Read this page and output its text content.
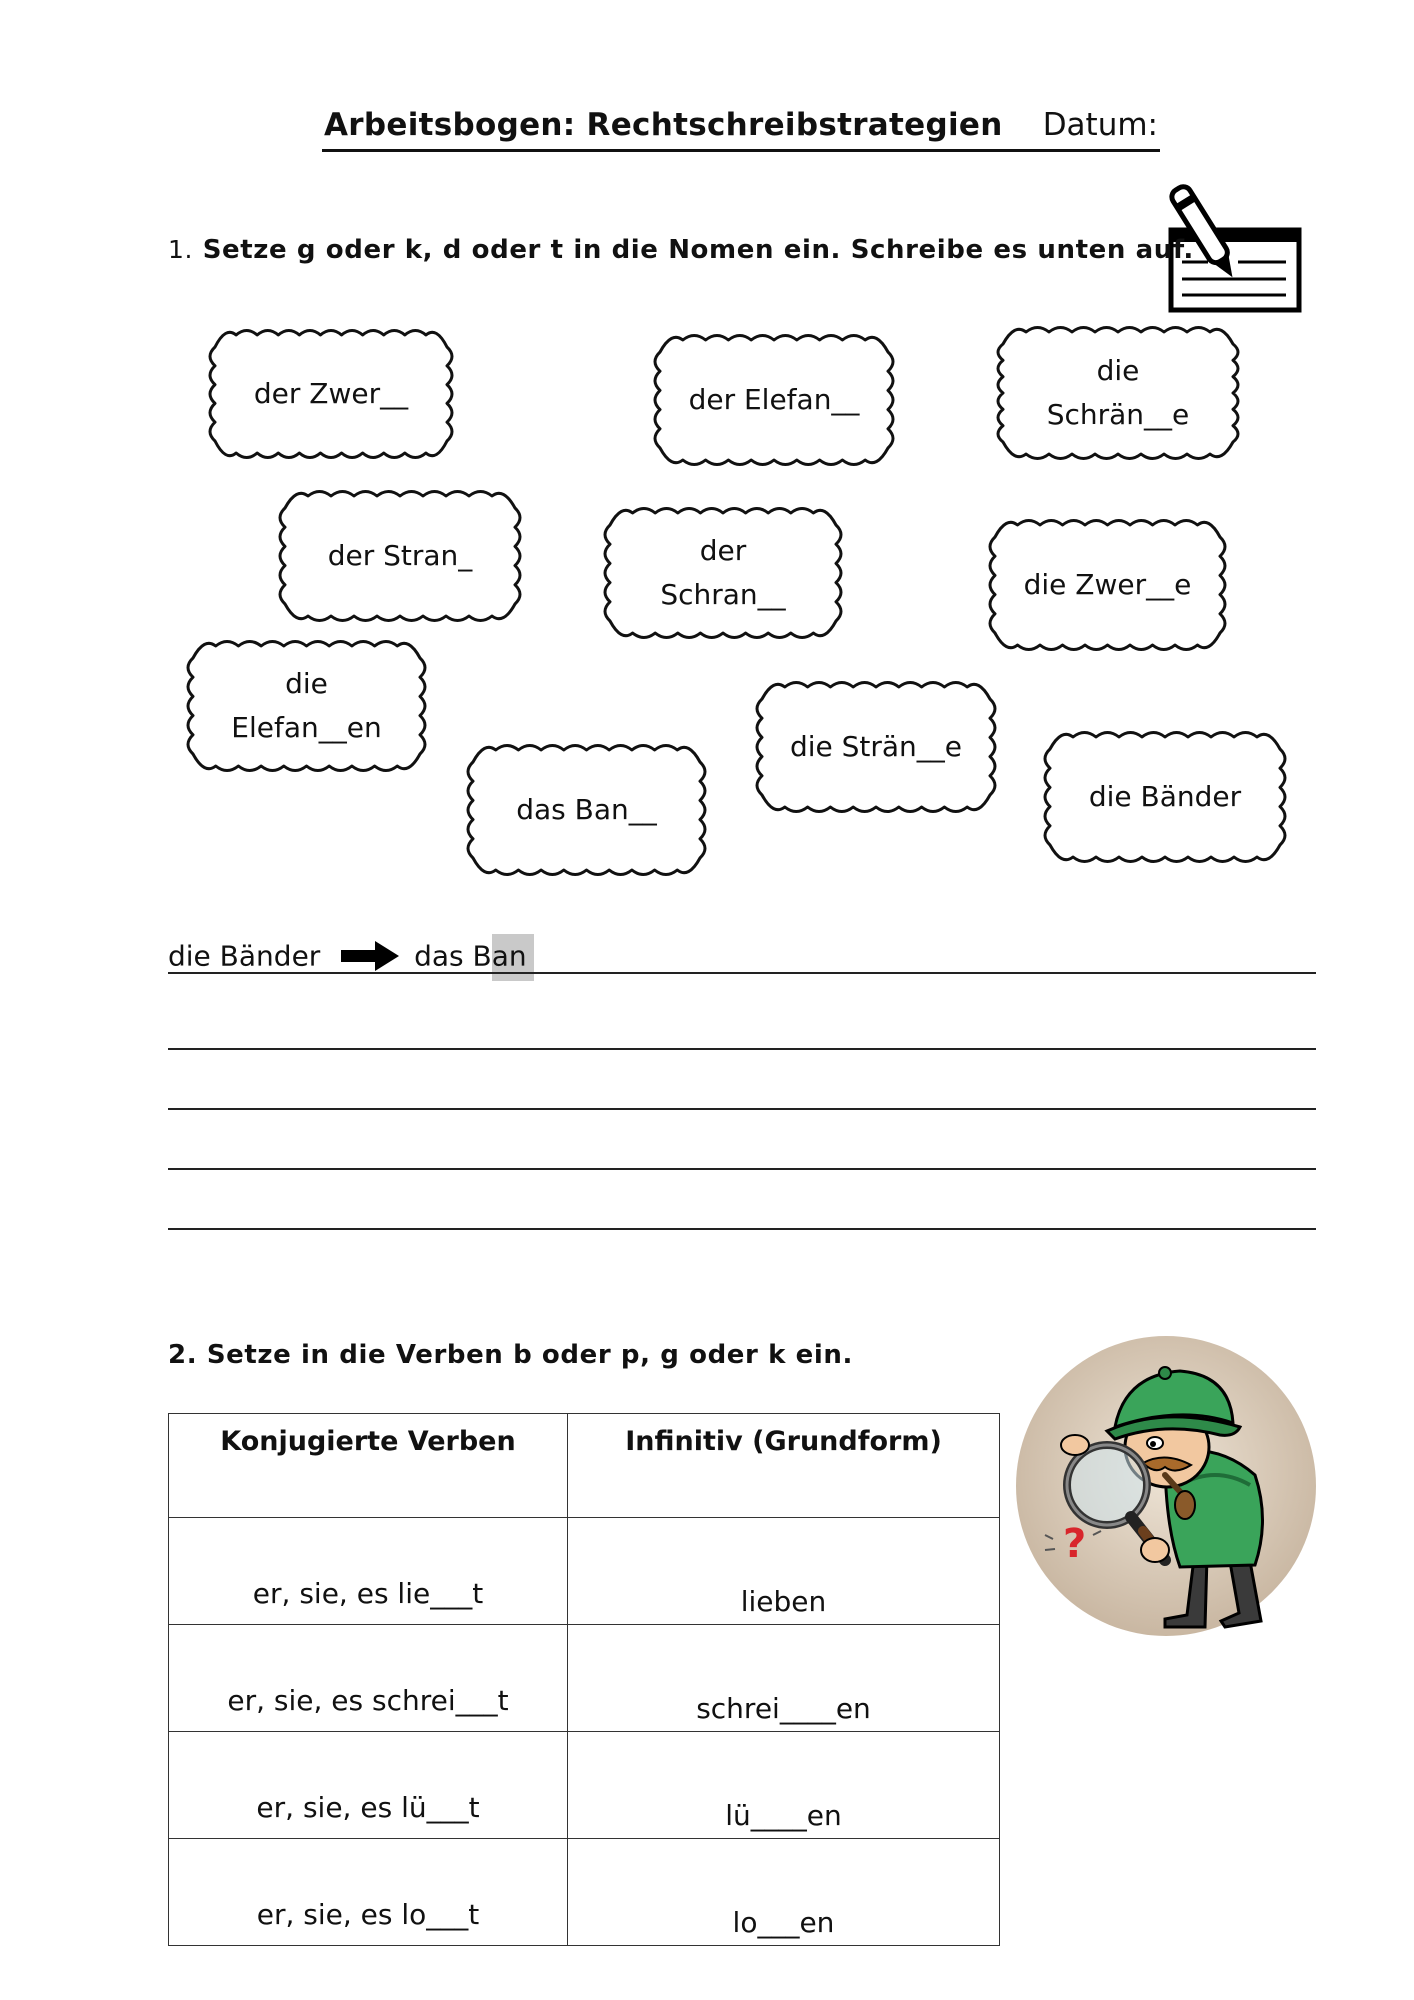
Arbeitsbogen: Rechtschreibstrategien Datum:
1. Setze g oder k, d oder t in die Nomen ein. Schreibe es unten auf.
der Zwer__	der Elefan__
die
Schrän__e
der Stran_	der
Schran__	die Zwer__e
die
Elefan__en
das Ban__
die Strän__e
die Bänder
die Bänder	das Ban
2. Setze in die Verben b oder p, g oder k ein.
Konjugierte Verben	Infinitiv (Grundform)
er, sie, es lie___t	lieben
er, sie, es schrei___t	schrei____en
er, sie, es lü___t	lü____en
er, sie, es lo___t	lo___en
?
